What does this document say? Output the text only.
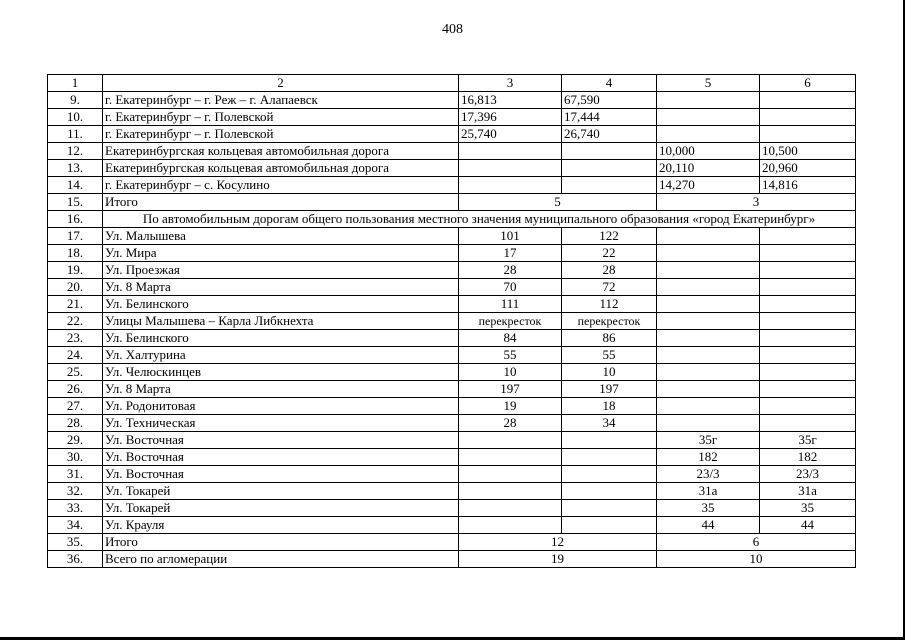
408
1	2	3	4	5	6
9.	г. Екатеринбург – г. Реж – г. Алапаевск	16,813	67,590		
10.	г. Екатеринбург – г. Полевской	17,396	17,444		
11.	г. Екатеринбург – г. Полевской	25,740	26,740		
12.	Екатеринбургская кольцевая автомобильная дорога			10,000	10,500
13.	Екатеринбургская кольцевая автомобильная дорога			20,110	20,960
14.	г. Екатеринбург – с. Косулино			14,270	14,816
15.	Итого	5		3	
16.	По автомобильным дорогам общего пользования местного значения муниципального образования «город Екатеринбург»				
17.	Ул. Малышева	101	122		
18.	Ул. Мира	17	22		
19.	Ул. Проезжая	28	28		
20.	Ул. 8 Марта	70	72		
21.	Ул. Белинского	111	112		
22.	Улицы Малышева – Карла Либкнехта	перекресток	перекресток		
23.	Ул. Белинского	84	86		
24.	Ул. Халтурина	55	55		
25.	Ул. Челюскинцев	10	10		
26.	Ул. 8 Марта	197	197		
27.	Ул. Родонитовая	19	18		
28.	Ул. Техническая	28	34		
29.	Ул. Восточная			35г	35г
30.	Ул. Восточная			182	182
31.	Ул. Восточная			23/3	23/3
32.	Ул. Токарей			31а	31а
33.	Ул. Токарей			35	35
34.	Ул. Крауля			44	44
35.	Итого	12		6	
36.	Всего по агломерации	19		10	
